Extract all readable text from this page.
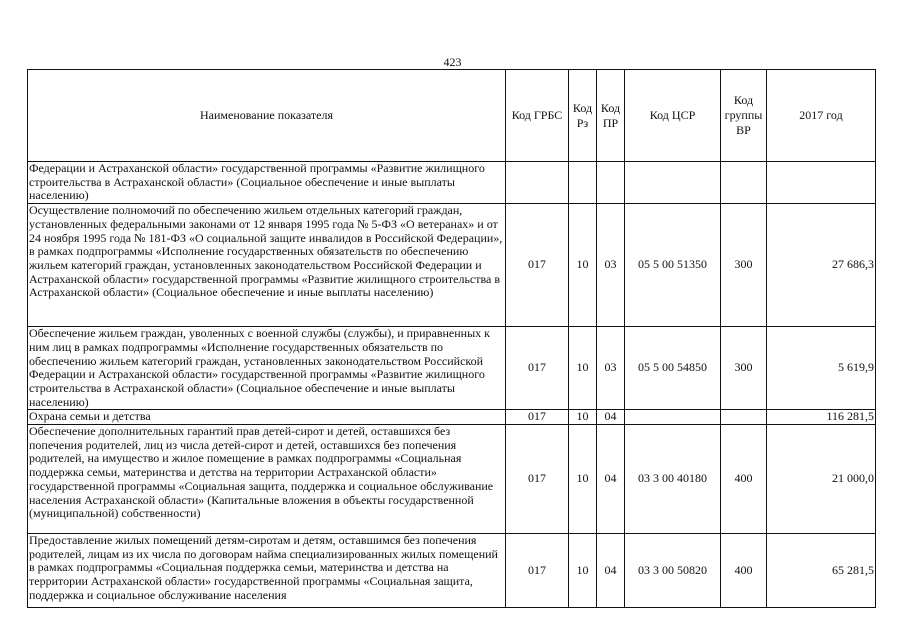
423
Наименование показателя	Код ГРБС	Код Рз	Код ПР	Код ЦСР	Код группы ВР	2017 год
Федерации и Астраханской области» государственной программы «Развитие жилищного строительства в Астраханской области» (Социальное обеспечение и иные выплаты населению)						
Осуществление полномочий по обеспечению жильем отдельных категорий граждан, установленных федеральными законами от 12 января 1995 года № 5-ФЗ «О ветеранах» и от 24 ноября 1995 года № 181-ФЗ «О социальной защите инвалидов в Российской Федерации», в рамках подпрограммы «Исполнение государственных обязательств по обеспечению жильем категорий граждан, установленных законодательством Российской Федерации и Астраханской области» государственной программы «Развитие жилищного строительства в Астраханской области» (Социальное обеспечение и иные выплаты населению)	017	10	03	05 5 00 51350	300	27 686,3
Обеспечение жильем граждан, уволенных с военной службы (службы), и приравненных к ним лиц в рамках подпрограммы «Исполнение государственных обязательств по обеспечению жильем категорий граждан, установленных законодательством Российской Федерации и Астраханской области» государственной программы «Развитие жилищного строительства в Астраханской области» (Социальное обеспечение и иные выплаты населению)	017	10	03	05 5 00 54850	300	5 619,9
Охрана семьи и детства	017	10	04			116 281,5
Обеспечение дополнительных гарантий прав детей-сирот и детей, оставшихся без попечения родителей, лиц из числа детей-сирот и детей, оставшихся без попечения родителей, на имущество и жилое помещение в рамках подпрограммы «Социальная поддержка семьи, материнства и детства на территории Астраханской области» государственной программы «Социальная защита, поддержка и социальное обслуживание населения Астраханской области» (Капитальные вложения в объекты государственной (муниципальной) собственности)	017	10	04	03 3 00 40180	400	21 000,0
Предоставление жилых помещений детям-сиротам и детям, оставшимся без попечения родителей, лицам из их числа по договорам найма специализированных жилых помещений в рамках подпрограммы «Социальная поддержка семьи, материнства и детства на территории Астраханской области» государственной программы «Социальная защита, поддержка и социальное обслуживание населения	017	10	04	03 3 00 50820	400	65 281,5
